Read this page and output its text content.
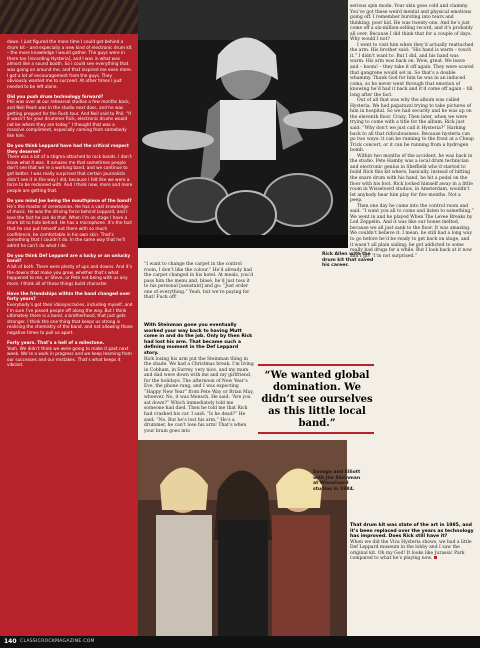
down. I just figured the more time I could get behind a drum kit – and especially a new kind of electronic drum kit – the more knowledge I would gather. The guys were in there too [recording Hysteria], and I was in what was almost like a sound booth. So I could see everything that was going on around me, and that inspired me even more. I got a lot of encouragement from the guys. They obviously wanted me to succeed. At other times I just needed to be left alone.

Did you push drum technology forward?
Phil was over at our rehearsal studios a few months back, and Neil Peart was in the studio next door, and he was getting prepped for the Rush tour. And Neil said to Phil: “If it wasn’t for your drummer Rick, electronic drums would not be where they are today.” I thought that was a massive compliment, especially coming from somebody like him.

Do you think Leppard have had the critical respect they deserve?
There was a bit of a stigma attached to rock bands. I don’t know what it was. It amazes me that sometimes people don’t see that we’re a working band, and we continue to get better. I was really surprised that certain journalists didn’t see it in the way I did, because I felt like we were a force to be reckoned with. And I think now, more and more people are getting that.

Do you mind Joe being the mouthpiece of the band?
He’s the master of ceremonies. He has a vast knowledge of music. He was the driving force behind Leppard, and I love the fact he can do that. When I’m on stage I have a drum kit to hide behind. He has a microphone. It’s the fact that he can put himself out there with so much confidence, be comfortable in his own skin. That’s something that I couldn’t do. In the same way that he’ll admit he can’t do what I do.

Do you think Def Leppard are a lucky or an unlucky band?
A bit of both. There were plenty of ups and downs. And it’s the downs that make you grow, whether that’s what happened to me, or Steve, or Pete not being with us any more. I think all of those things build character.

Have the friendships within the band changed over forty years?
Everybody’s got their idiosyncracies, including myself, and I’m sure I’ve pissed people off along the way. But I think ultimately there is a bond, a brotherhood, that just gets stronger. I think the one thing that keeps us strong is realising the chemistry of the band, and not allowing those negative times to pull us apart.

Forty years. That’s a hell of a milestone.
Yeah. We didn’t think we were going to make it past next week. We’re a work in progress and we keep learning from our successes and our mistakes. That’s what keeps it vibrant.

Rick Allen with the drum kit that saved his career.

“I want to change the carpet in the control room, I don’t like the colour.” He’d already had the carpet changed in his hotel. At meals, you’d pass him the menu and, blasé, he’d just toss it to his personal [assistant] and go: “Just order one of everything.” Yeah, but we’re paying for that! Fuck off!

With Steinman gone you eventually worked your way back to having Mutt come in and do the job. Only by then Rick had lost his arm. That became such a defining moment in the Def Leppard story.

Rick losing his arm put the Steinman thing in the shade. We had a Christmas break. I’m living in Cobham, in Surrey, very nice, and my mum and dad were down with me and my girlfriend, for the holidays. The afternoon of New Year’s Eve, the phone rang, and I was expecting “Happy New Year” from Pete Way or Brian May, whoever. No, it was Mensch. He said: “Are you sat down?” Which immediately told me someone had died. Then he told me that Rick had crashed his car. I said: “Is he dead?” He said: “No. But he’s lost his arm.” He’s a drummer, he can’t lose his arm! That’s when your brain goes into

“We wanted global domination. We didn’t see ourselves as this little local band.”
Savage and Elliott with Jim Steinman at Wisseloord studios in 1984.

serious spin mode. Your skin goes cold and clammy. You’ve got these weird mental and physical emotions going off. I remember bursting into tears and thinking: poor kid. He was twenty-one. And he’s just come off a six-million-selling record, and it’s probably all over. Because I did think that for a couple of days. Why would I not?

I went to visit him when they’d actually reattached the arm. His brother said: “His hand is warm – touch it.” I didn’t want to. But I did, and his hand was warm. His arm was back on. Wow, great. We leave and – boom! – they take it off again. They were scared that gangrene would set in. So that’s a double whammy. Thank God for him he was in an induced coma, so he never went through that emotion of knowing he’d had it back and it’d come off again – till long after the fact.

Out of all that was why the album was called Hysteria. We had paparazzi trying to take pictures of him in hospital. So we had security and he was up on the eleventh floor. Crazy. Then later, when we were trying to come with a title for the album, Rick just said: “Why don’t we just call it Hysteria?” Harking back to all that ridiculousness. Because hysteria can go two ways: it can be running to the front at a Cheap Trick concert, or it can be running from a hydrogen bomb.

Within two months of the accident, he was back in the studio. Pete Hamby was a local drum technician and electronic genius in Sheffield who’d started to build Rick this kit where, basically, instead of hitting the snare drum with his hand, he hit a pedal on the floor with his foot. Rick locked himself away in a little room in Wisseloord studios, in Amsterdam, wouldn’t let anybody hear him play for five months. Not a peep.

Then one day he came into the control room and said: “I want you all to come and listen to something.” We went in and he played When The Levee Breaks by Led Zeppelin. And it was like our bones melted, because we all just sank to the floor. It was amazing. We couldn’t believe it. I mean, he still had a long way to go before he’d be ready to get back on stage, and it wasn’t all plain sailing; he got addicted to some really bad drugs for a while. But I look back at it now and I go: “I’m not surprised.”

That drum kit was state of the art in 1985, and it’s been replaced over the years as technology has improved. Does Rick still have it?

When we did the Viva Hysteria shows, we had a little Def Leppard museum in the lobby and I saw the original kit. Oh my God! It looks like Jurassic Park compared to what he’s playing now.

140 CLASSICROCKMAGAZINE.COM
